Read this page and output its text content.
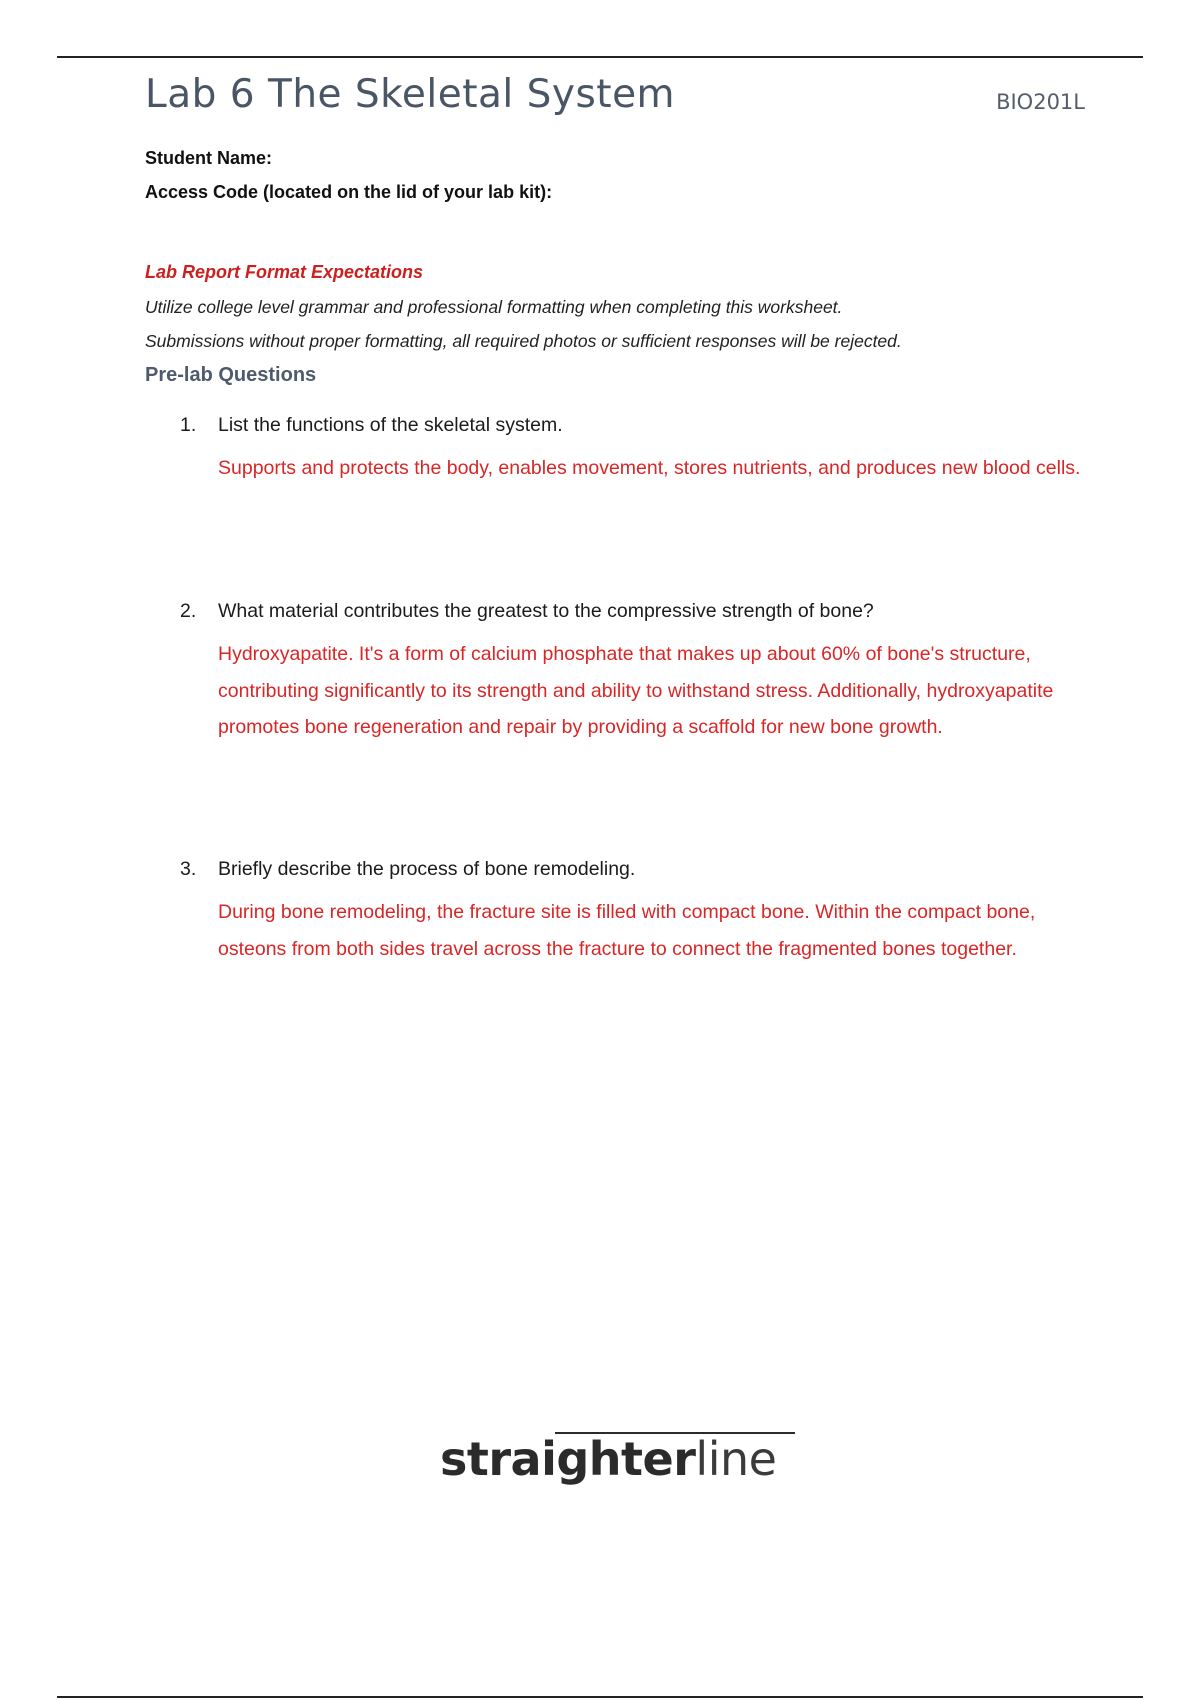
Lab 6 The Skeletal System	BIO201L
Student Name:
Access Code (located on the lid of your lab kit):
Lab Report Format Expectations
Utilize college level grammar and professional formatting when completing this worksheet.
Submissions without proper formatting, all required photos or sufficient responses will be rejected.
Pre-lab Questions
1. List the functions of the skeletal system.
Supports and protects the body, enables movement, stores nutrients, and produces new blood cells.
2. What material contributes the greatest to the compressive strength of bone?
Hydroxyapatite. It's a form of calcium phosphate that makes up about 60% of bone's structure, contributing significantly to its strength and ability to withstand stress. Additionally, hydroxyapatite promotes bone regeneration and repair by providing a scaffold for new bone growth.
3. Briefly describe the process of bone remodeling.
During bone remodeling, the fracture site is filled with compact bone. Within the compact bone, osteons from both sides travel across the fracture to connect the fragmented bones together.
straighterline
